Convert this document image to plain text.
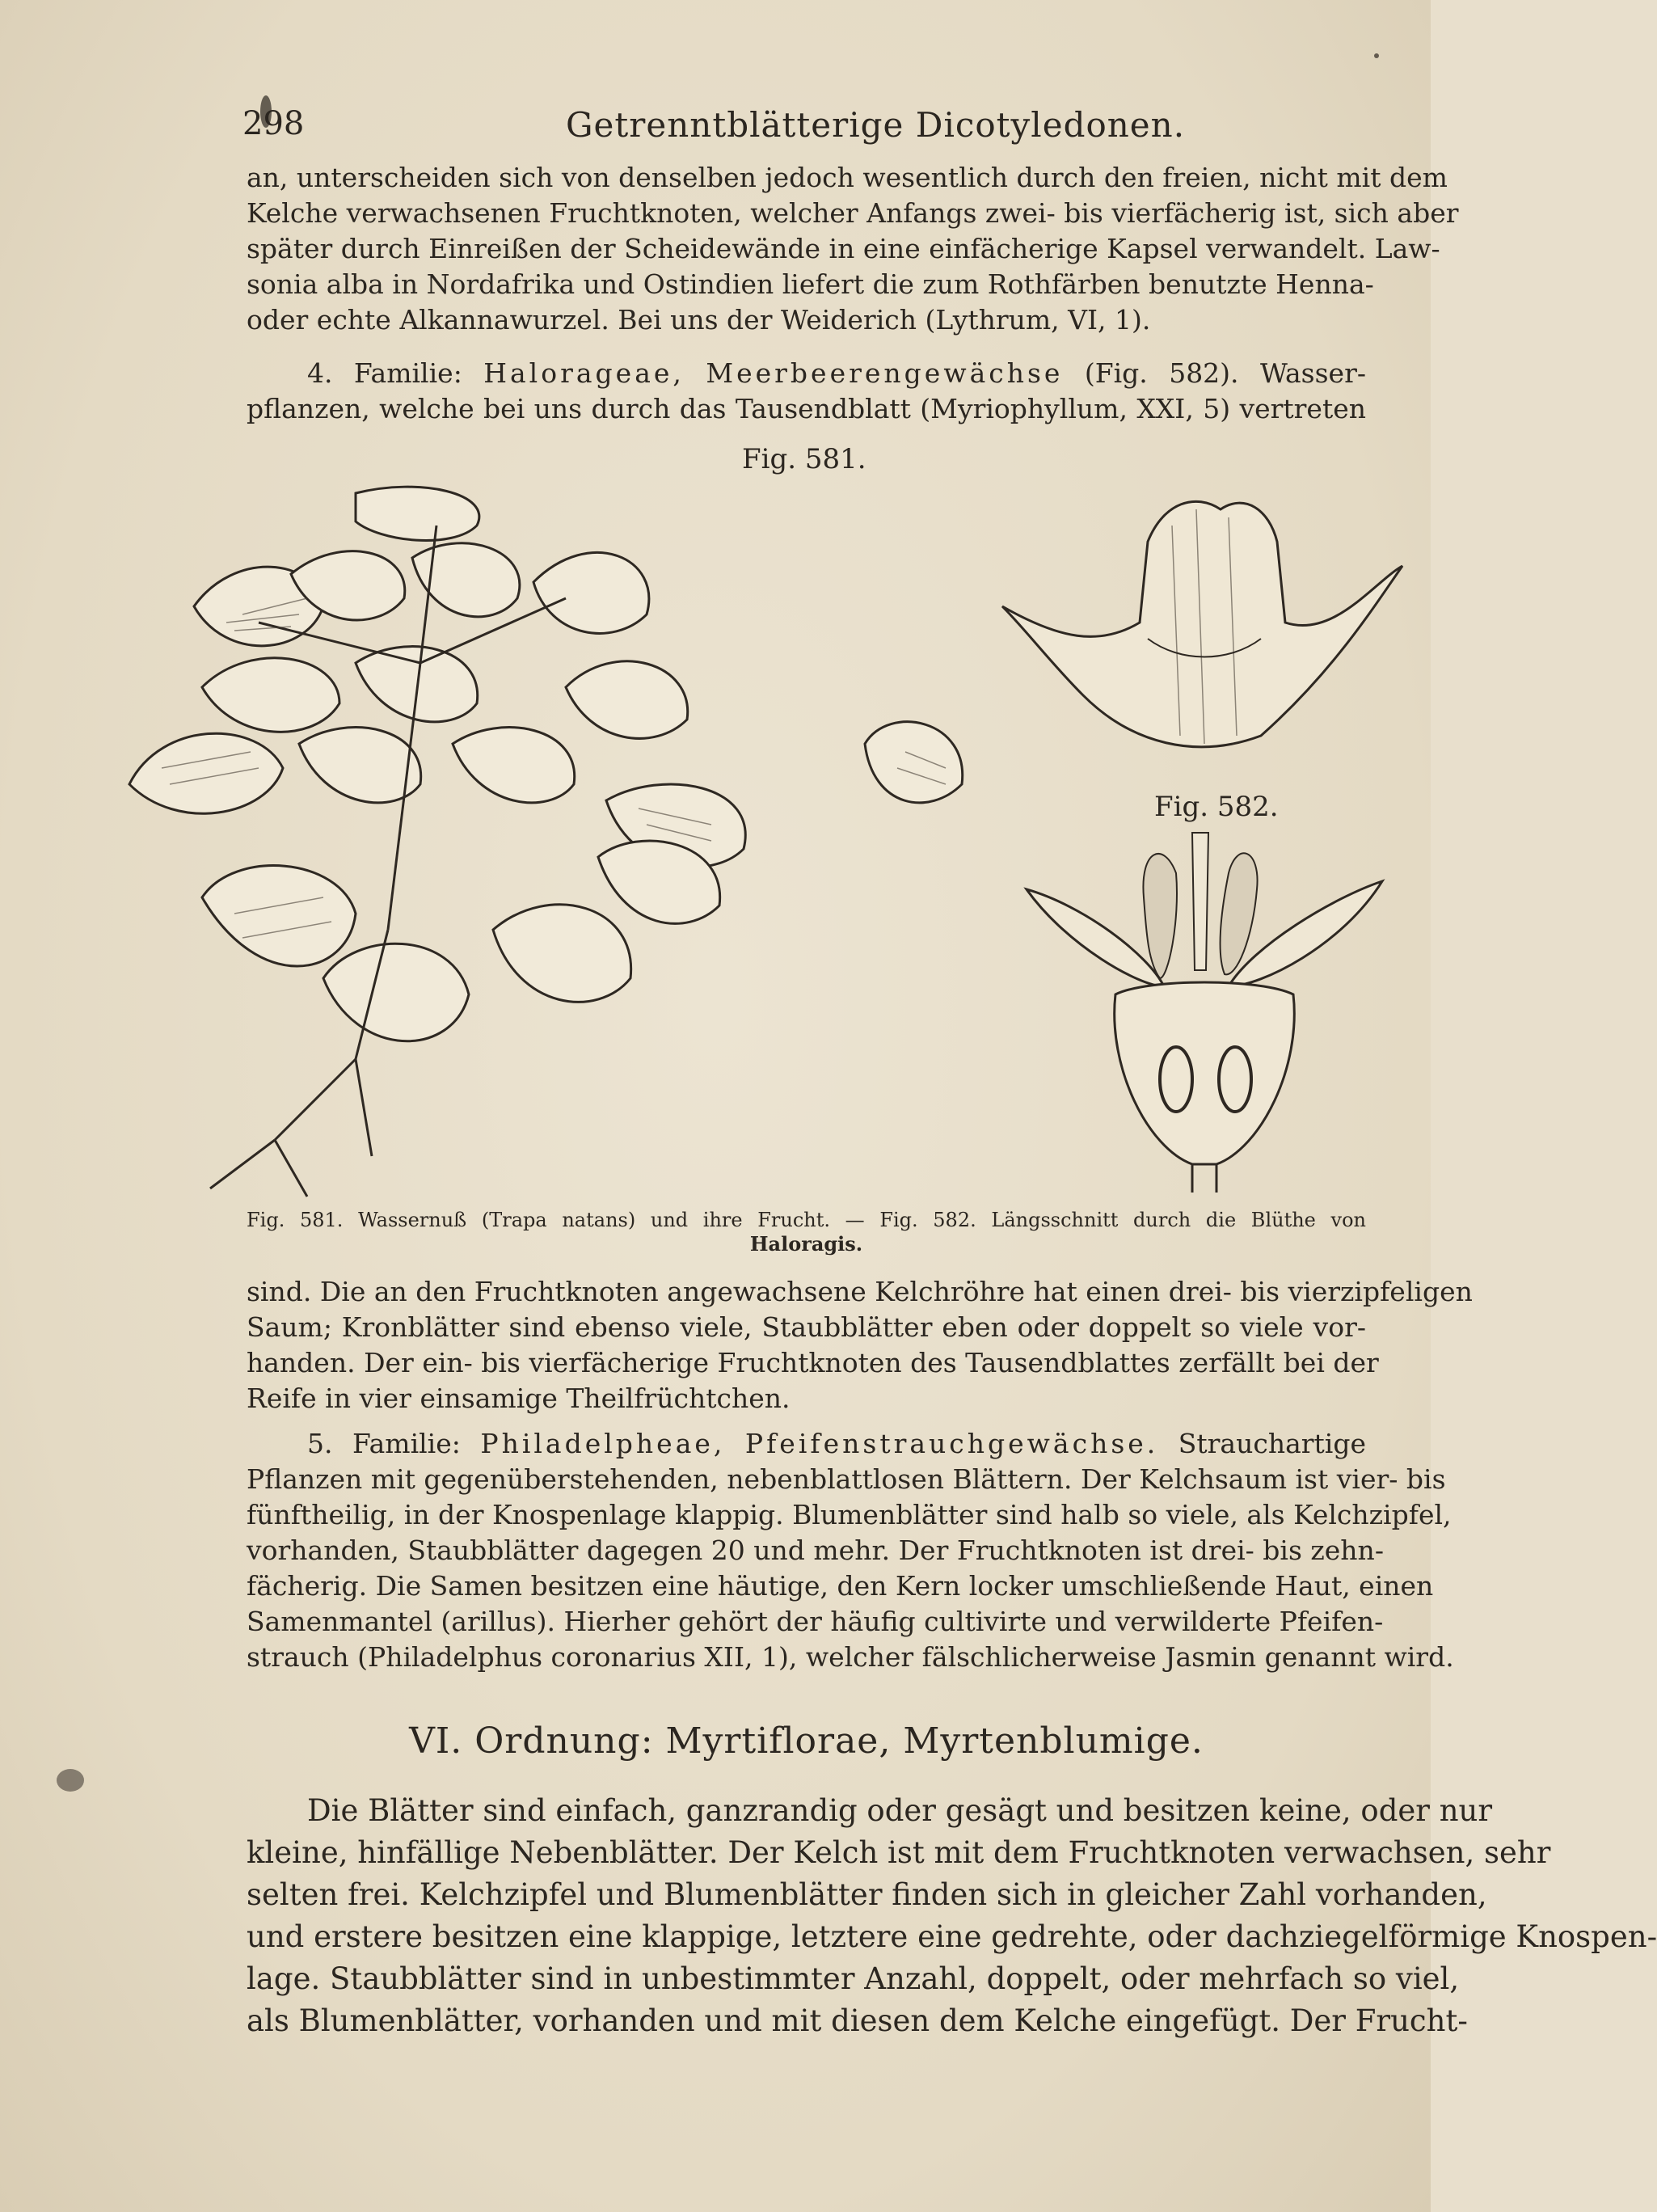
298	Getrenntblätterige Dicotyledonen.
an, unterscheiden sich von denselben jedoch wesentlich durch den freien, nicht mit dem
Kelche verwachsenen Fruchtknoten, welcher Anfangs zwei- bis vierfächerig ist, sich aber
später durch Einreißen der Scheidewände in eine einfächerige Kapsel verwandelt. Law-
sonia alba in Nordafrika und Ostindien liefert die zum Rothfärben benutzte Henna-
oder echte Alkannawurzel. Bei uns der Weiderich (Lythrum, VI, 1).
4. Familie: Halorageae, Meerbeerengewächse (Fig. 582). Wasser-
pflanzen, welche bei uns durch das Tausendblatt (Myriophyllum, XXI, 5) vertreten
Fig. 581.
Fig. 582.
Fig. 581. Wassernuß (Trapa natans) und ihre Frucht. — Fig. 582. Längsschnitt durch die Blüthe von
Haloragis.
sind. Die an den Fruchtknoten angewachsene Kelchröhre hat einen drei- bis vierzipfeligen
Saum; Kronblätter sind ebenso viele, Staubblätter eben oder doppelt so viele vor-
handen. Der ein- bis vierfächerige Fruchtknoten des Tausendblattes zerfällt bei der
Reife in vier einsamige Theilfrüchtchen.
5. Familie: Philadelpheae, Pfeifenstrauchgewächse. Strauchartige
Pflanzen mit gegenüberstehenden, nebenblattlosen Blättern. Der Kelchsaum ist vier- bis
fünftheilig, in der Knospenlage klappig. Blumenblätter sind halb so viele, als Kelchzipfel,
vorhanden, Staubblätter dagegen 20 und mehr. Der Fruchtknoten ist drei- bis zehn-
fächerig. Die Samen besitzen eine häutige, den Kern locker umschließende Haut, einen
Samenmantel (arillus). Hierher gehört der häufig cultivirte und verwilderte Pfeifen-
strauch (Philadelphus coronarius XII, 1), welcher fälschlicherweise Jasmin genannt wird.
VI. Ordnung: Myrtiflorae, Myrtenblumige.
Die Blätter sind einfach, ganzrandig oder gesägt und besitzen keine, oder nur
kleine, hinfällige Nebenblätter. Der Kelch ist mit dem Fruchtknoten verwachsen, sehr
selten frei. Kelchzipfel und Blumenblätter finden sich in gleicher Zahl vorhanden,
und erstere besitzen eine klappige, letztere eine gedrehte, oder dachziegelförmige Knospen-
lage. Staubblätter sind in unbestimmter Anzahl, doppelt, oder mehrfach so viel,
als Blumenblätter, vorhanden und mit diesen dem Kelche eingefügt. Der Frucht-
